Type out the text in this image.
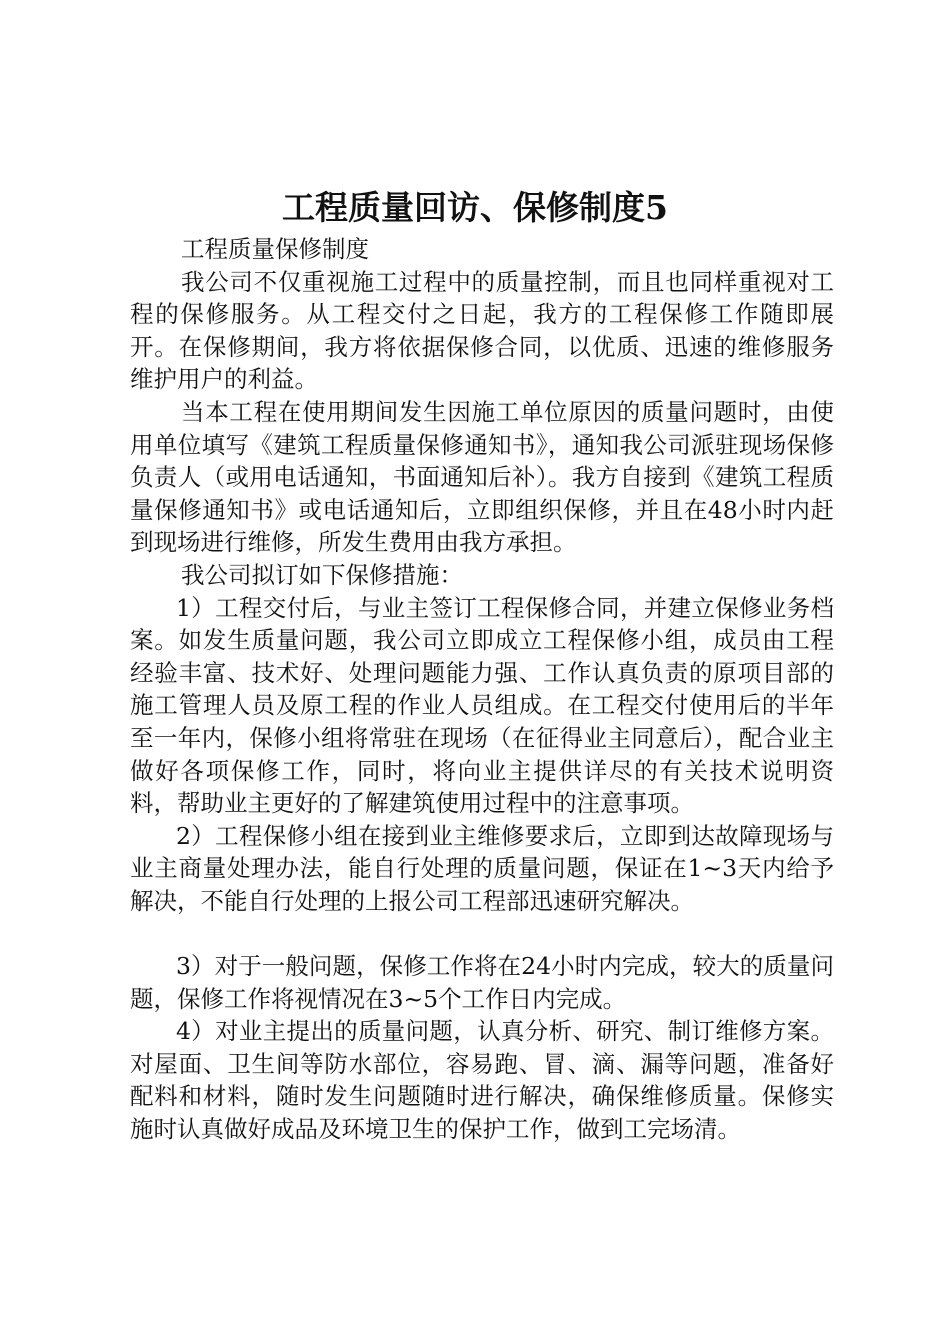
工程质量回访、保修制度5

工程质量保修制度

我公司不仅重视施工过程中的质量控制，而且也同样重视对工程的保修服务。从工程交付之日起，我方的工程保修工作随即展开。在保修期间，我方将依据保修合同，以优质、迅速的维修服务维护用户的利益。

当本工程在使用期间发生因施工单位原因的质量问题时，由使用单位填写《建筑工程质量保修通知书》，通知我公司派驻现场保修负责人（或用电话通知，书面通知后补）。我方自接到《建筑工程质量保修通知书》或电话通知后，立即组织保修，并且在48小时内赶到现场进行维修，所发生费用由我方承担。

我公司拟订如下保修措施：

1）工程交付后，与业主签订工程保修合同，并建立保修业务档案。如发生质量问题，我公司立即成立工程保修小组，成员由工程经验丰富、技术好、处理问题能力强、工作认真负责的原项目部的施工管理人员及原工程的作业人员组成。在工程交付使用后的半年至一年内，保修小组将常驻在现场（在征得业主同意后），配合业主做好各项保修工作，同时，将向业主提供详尽的有关技术说明资料，帮助业主更好的了解建筑使用过程中的注意事项。

2）工程保修小组在接到业主维修要求后，立即到达故障现场与业主商量处理办法，能自行处理的质量问题，保证在1~3天内给予解决，不能自行处理的上报公司工程部迅速研究解决。

3）对于一般问题，保修工作将在24小时内完成，较大的质量问题，保修工作将视情况在3~5个工作日内完成。

4）对业主提出的质量问题，认真分析、研究、制订维修方案。对屋面、卫生间等防水部位，容易跑、冒、滴、漏等问题，准备好配料和材料，随时发生问题随时进行解决，确保维修质量。保修实施时认真做好成品及环境卫生的保护工作，做到工完场清。
